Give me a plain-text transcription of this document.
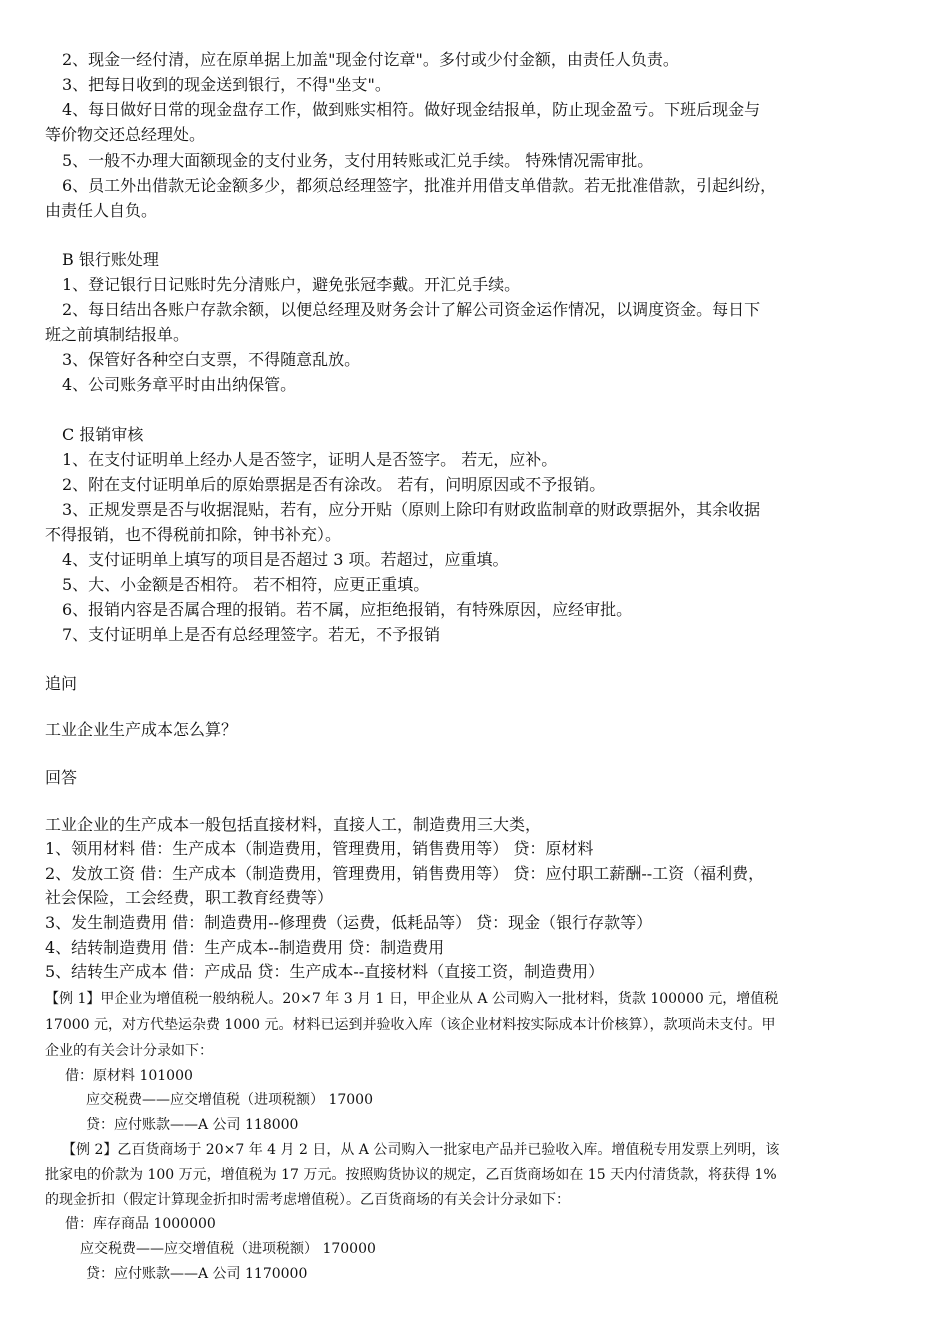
2、现金一经付清，应在原单据上加盖"现金付讫章"。多付或少付金额，由责任人负责。
3、把每日收到的现金送到银行，不得"坐支"。
4、每日做好日常的现金盘存工作，做到账实相符。做好现金结报单，防止现金盈亏。下班后现金与
等价物交还总经理处。
5、一般不办理大面额现金的支付业务，支付用转账或汇兑手续。 特殊情况需审批。
6、员工外出借款无论金额多少，都须总经理签字，批准并用借支单借款。若无批准借款，引起纠纷，
由责任人自负。
B 银行账处理
1、登记银行日记账时先分清账户，避免张冠李戴。开汇兑手续。
2、每日结出各账户存款余额，以便总经理及财务会计了解公司资金运作情况，以调度资金。每日下
班之前填制结报单。
3、保管好各种空白支票，不得随意乱放。
4、公司账务章平时由出纳保管。
C 报销审核
1、在支付证明单上经办人是否签字，证明人是否签字。 若无，应补。
2、附在支付证明单后的原始票据是否有涂改。 若有，问明原因或不予报销。
3、正规发票是否与收据混贴，若有，应分开贴（原则上除印有财政监制章的财政票据外，其余收据
不得报销，也不得税前扣除，钟书补充）。
4、支付证明单上填写的项目是否超过 3 项。若超过，应重填。
5、大、小金额是否相符。 若不相符，应更正重填。
6、报销内容是否属合理的报销。若不属，应拒绝报销，有特殊原因，应经审批。
7、支付证明单上是否有总经理签字。若无，不予报销
追问
工业企业生产成本怎么算？
回答
工业企业的生产成本一般包括直接材料，直接人工，制造费用三大类，
1、领用材料 借：生产成本（制造费用，管理费用，销售费用等） 贷：原材料
2、发放工资 借：生产成本（制造费用，管理费用，销售费用等） 贷：应付职工薪酬--工资（福利费，
社会保险，工会经费，职工教育经费等）
3、发生制造费用 借：制造费用--修理费（运费，低耗品等） 贷：现金（银行存款等）
4、结转制造费用 借：生产成本--制造费用 贷：制造费用
5、结转生产成本 借：产成品 贷：生产成本--直接材料（直接工资，制造费用）
【例 1】甲企业为增值税一般纳税人。20×7 年 3 月 1 日，甲企业从 A 公司购入一批材料，货款 100000 元，增值税
17000 元，对方代垫运杂费 1000 元。材料已运到并验收入库（该企业材料按实际成本计价核算），款项尚未支付。甲
企业的有关会计分录如下：
借：原材料 101000
应交税费——应交增值税（进项税额） 17000
贷：应付账款——A 公司 118000
【例 2】乙百货商场于 20×7 年 4 月 2 日，从 A 公司购入一批家电产品并已验收入库。增值税专用发票上列明，该
批家电的价款为 100 万元，增值税为 17 万元。按照购货协议的规定，乙百货商场如在 15 天内付清货款，将获得 1%
的现金折扣（假定计算现金折扣时需考虑增值税）。乙百货商场的有关会计分录如下：
借：库存商品 1000000
应交税费——应交增值税（进项税额） 170000
贷：应付账款——A 公司 1170000
